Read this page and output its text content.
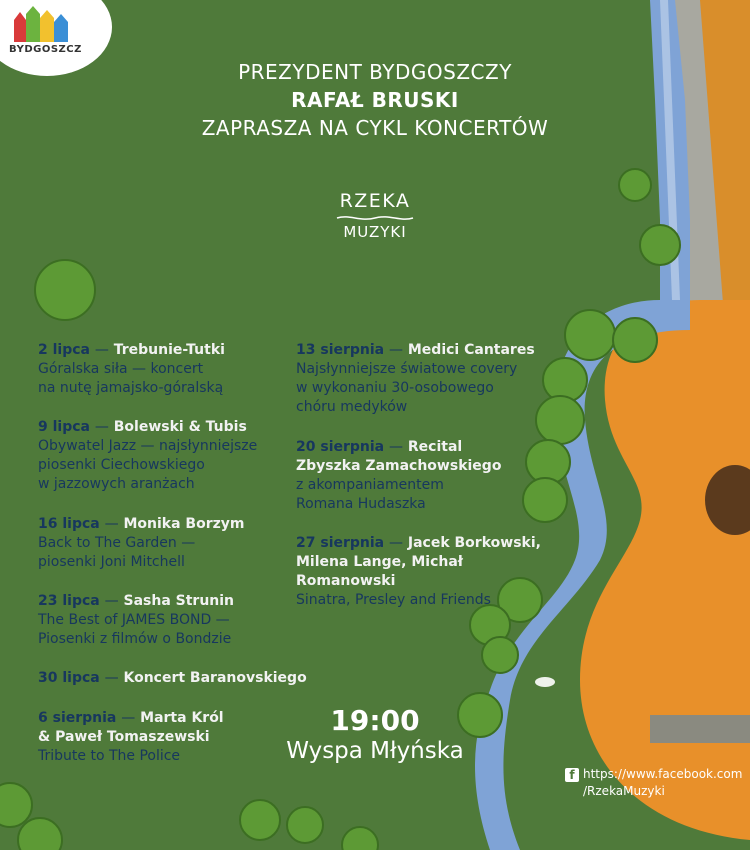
BYDGOSZCZ
PREZYDENT BYDGOSZCZY
RAFAŁ BRUSKI
ZAPRASZA NA CYKL KONCERTÓW
RZEKA
MUZYKI
2 lipca — Trebunie-Tutki
Góralska siła — koncert
na nutę jamajsko-góralską
9 lipca — Bolewski & Tubis
Obywatel Jazz — najsłynniejsze
piosenki Ciechowskiego
w jazzowych aranżach
16 lipca — Monika Borzym
Back to The Garden —
piosenki Joni Mitchell
23 lipca — Sasha Strunin
The Best of JAMES BOND —
Piosenki z filmów o Bondzie
30 lipca — Koncert Baranovskiego
6 sierpnia — Marta Król
& Paweł Tomaszewski
Tribute to The Police
13 sierpnia — Medici Cantares
Najsłynniejsze światowe covery
w wykonaniu 30-osobowego
chóru medyków
20 sierpnia — Recital
Zbyszka Zamachowskiego
z akompaniamentem
Romana Hudaszka
27 sierpnia — Jacek Borkowski,
Milena Lange, Michał Romanowski
Sinatra, Presley and Friends
19:00
Wyspa Młyńska
f https://www.facebook.com
/RzekaMuzyki
